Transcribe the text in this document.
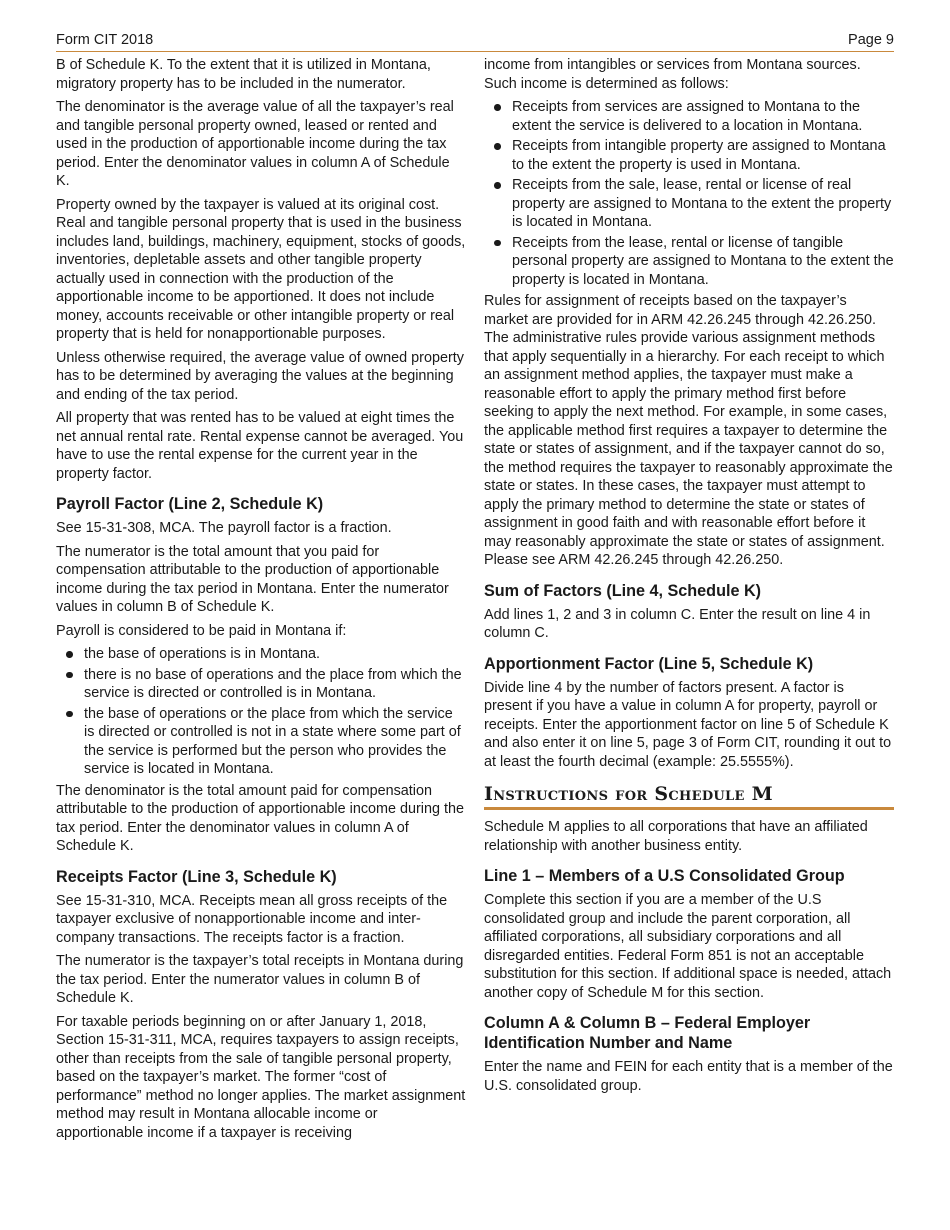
Form CIT 2018	Page 9

B of Schedule K. To the extent that it is utilized in Montana, migratory property has to be included in the numerator.

The denominator is the average value of all the taxpayer’s real and tangible personal property owned, leased or rented and used in the production of apportionable income during the tax period. Enter the denominator values in column A of Schedule K.

Property owned by the taxpayer is valued at its original cost. Real and tangible personal property that is used in the business includes land, buildings, machinery, equipment, stocks of goods, inventories, depletable assets and other tangible property actually used in connection with the production of the apportionable income to be apportioned. It does not include money, accounts receivable or other intangible property or real property that is held for nonapportionable purposes.

Unless otherwise required, the average value of owned property has to be determined by averaging the values at the beginning and ending of the tax period.

All property that was rented has to be valued at eight times the net annual rental rate. Rental expense cannot be averaged. You have to use the rental expense for the current year in the property factor.

Payroll Factor (Line 2, Schedule K)

See 15-31-308, MCA. The payroll factor is a fraction.

The numerator is the total amount that you paid for compensation attributable to the production of apportionable income during the tax period in Montana. Enter the numerator values in column B of Schedule K.

Payroll is considered to be paid in Montana if:

the base of operations is in Montana.
there is no base of operations and the place from which the service is directed or controlled is in Montana.
the base of operations or the place from which the service is directed or controlled is not in a state where some part of the service is performed but the person who provides the service is located in Montana.

The denominator is the total amount paid for compensation attributable to the production of apportionable income during the tax period. Enter the denominator values in column A of Schedule K.

Receipts Factor (Line 3, Schedule K)

See 15-31-310, MCA. Receipts mean all gross receipts of the taxpayer exclusive of nonapportionable income and inter-company transactions. The receipts factor is a fraction.

The numerator is the taxpayer’s total receipts in Montana during the tax period. Enter the numerator values in column B of Schedule K.

For taxable periods beginning on or after January 1, 2018, Section 15-31-311, MCA, requires taxpayers to assign receipts, other than receipts from the sale of tangible personal property, based on the taxpayer’s market. The former “cost of performance” method no longer applies. The market assignment method may result in Montana allocable income or apportionable income if a taxpayer is receiving

income from intangibles or services from Montana sources. Such income is determined as follows:

Receipts from services are assigned to Montana to the extent the service is delivered to a location in Montana.
Receipts from intangible property are assigned to Montana to the extent the property is used in Montana.
Receipts from the sale, lease, rental or license of real property are assigned to Montana to the extent the property is located in Montana.
Receipts from the lease, rental or license of tangible personal property are assigned to Montana to the extent the property is located in Montana.

Rules for assignment of receipts based on the taxpayer’s market are provided for in ARM 42.26.245 through 42.26.250. The administrative rules provide various assignment methods that apply sequentially in a hierarchy. For each receipt to which an assignment method applies, the taxpayer must make a reasonable effort to apply the primary method first before seeking to apply the next method. For example, in some cases, the applicable method first requires a taxpayer to determine the state or states of assignment, and if the taxpayer cannot do so, the method requires the taxpayer to reasonably approximate the state or states. In these cases, the taxpayer must attempt to apply the primary method to determine the state or states of assignment in good faith and with reasonable effort before it may reasonably approximate the state or states of assignment. Please see ARM 42.26.245 through 42.26.250.

Sum of Factors (Line 4, Schedule K)

Add lines 1, 2 and 3 in column C. Enter the result on line 4 in column C.

Apportionment Factor (Line 5, Schedule K)

Divide line 4 by the number of factors present. A factor is present if you have a value in column A for property, payroll or receipts. Enter the apportionment factor on line 5 of Schedule K and also enter it on line 5, page 3 of Form CIT, rounding it out to at least the fourth decimal (example: 25.5555%).

Instructions for Schedule M

Schedule M applies to all corporations that have an affiliated relationship with another business entity.

Line 1 – Members of a U.S Consolidated Group

Complete this section if you are a member of the U.S consolidated group and include the parent corporation, all affiliated corporations, all subsidiary corporations and all disregarded entities. Federal Form 851 is not an acceptable substitution for this section. If additional space is needed, attach another copy of Schedule M for this section.

Column A & Column B – Federal Employer Identification Number and Name

Enter the name and FEIN for each entity that is a member of the U.S. consolidated group.
